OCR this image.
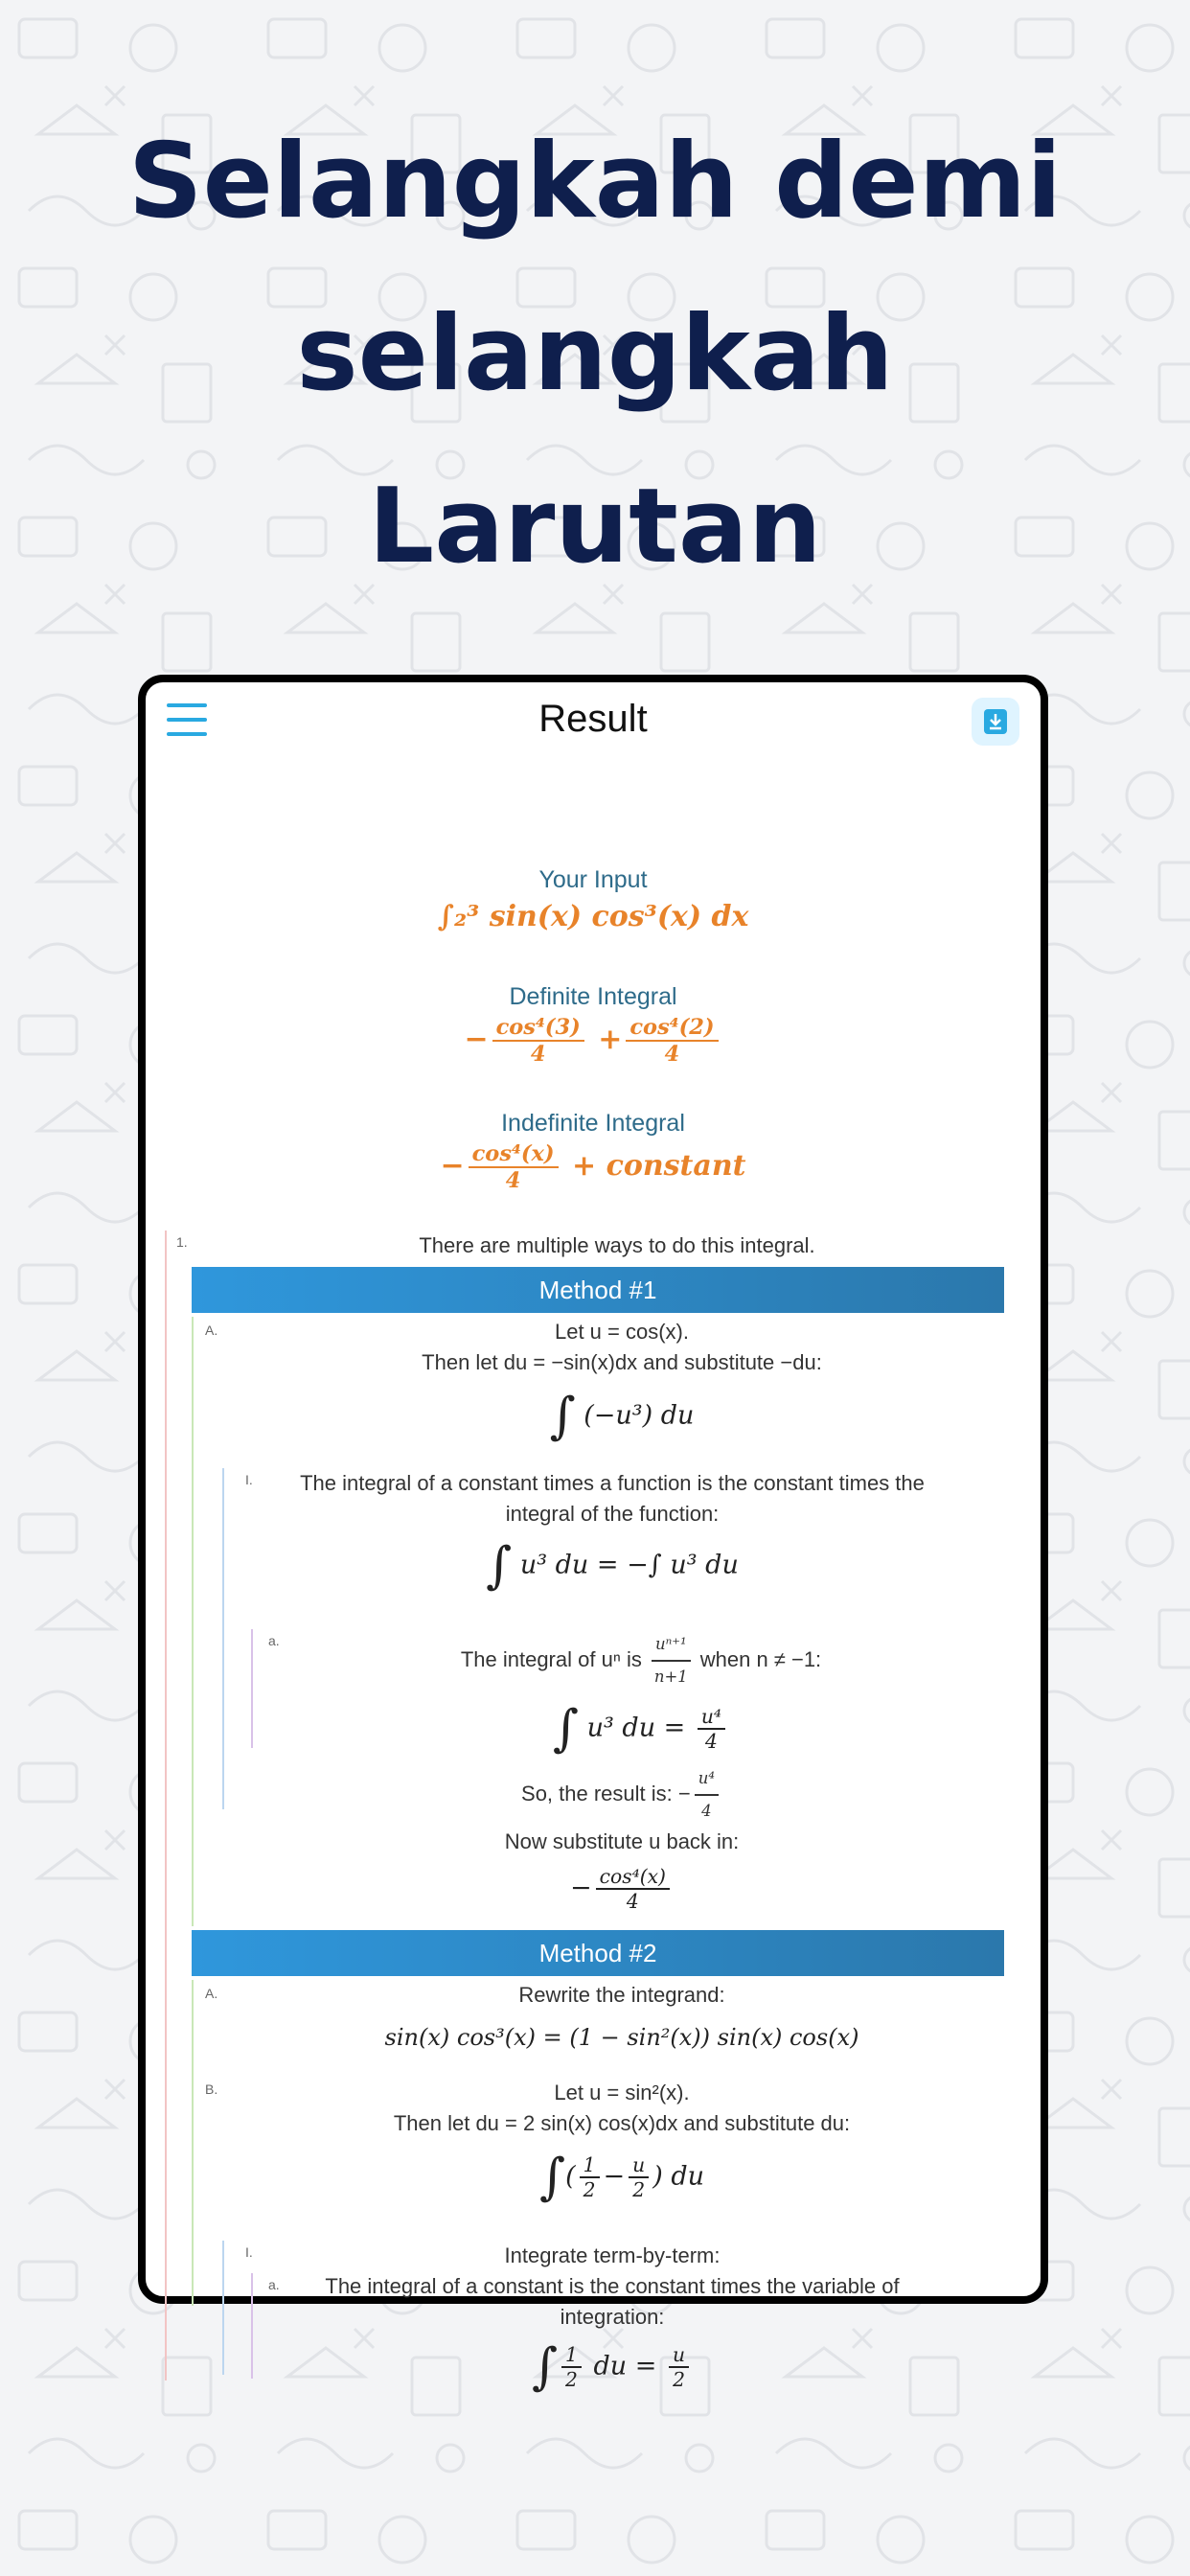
Selangkah demi
selangkah
Larutan
Result
Your Input
∫₂³ sin(x) cos³(x) dx
Definite Integral
− $\frac{\text{cos⁴(3)}}{4} + \frac{\text{cos⁴(2)}}{4}$
Indefinite Integral
− $\frac{\text{cos⁴(x)}}{4}$ + constant
1.	There are multiple ways to do this integral.
Method #1
A.	Let u = cos(x).
Then let du = −sin(x)dx and substitute −du:
∫ (−u³) du
I.	The integral of a constant times a function is the constant times the integral of the function:
∫ u³ du = −∫ u³ du
a.
The integral of uⁿ is $\frac{\text{uⁿ⁺¹}}{n+1}$ when n ≠ −1:
∫ u³ du = $\frac{\text{u⁴}}{4}$
So, the result is: − $\frac{\text{u⁴}}{4}$
Now substitute u back in:
− $\frac{\text{cos⁴(x)}}{4}$
Method #2
A.	Rewrite the integrand:
sin(x) cos³(x) = (1 − sin²(x)) sin(x) cos(x)
B.	Let u = sin²(x).
Then let du = 2 sin(x) cos(x)dx and substitute du:
∫( $\frac{1}{2} - \frac{u}{2}$ ) du
I.	Integrate term-by-term:
a.	The integral of a constant is the constant times the variable of integration:
∫ $\frac{1}{2}$ du = $\frac{u}{2}$
